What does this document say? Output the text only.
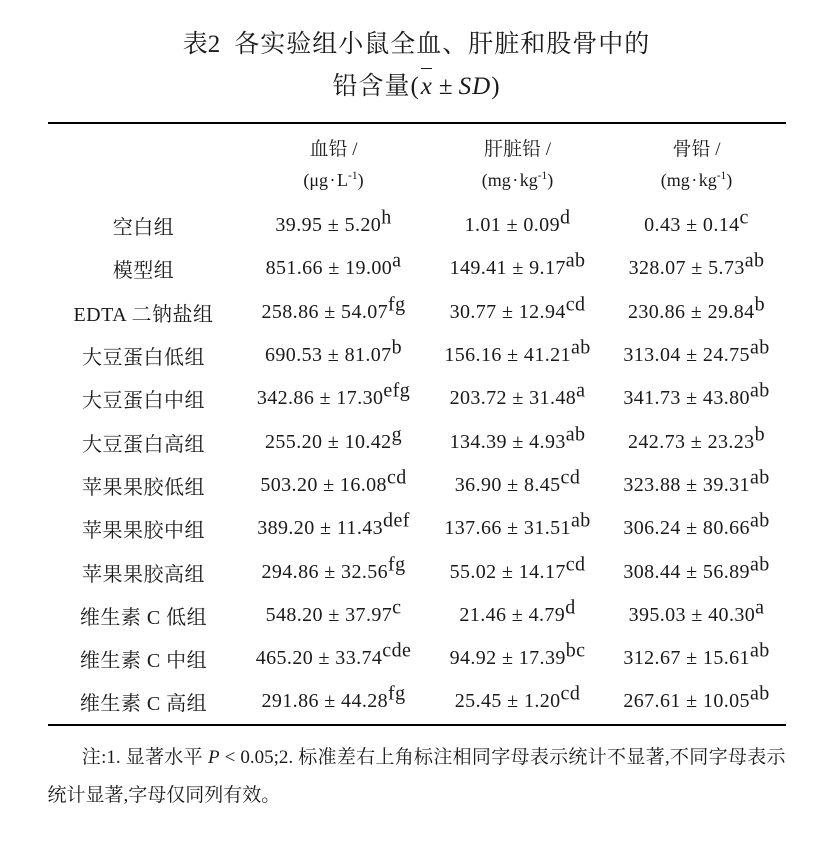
表2 各实验组小鼠全血、肝脏和股骨中的
铅含量(x ± SD)

血铅 /
$(\mu g\cdot L^{-1})$

肝脏铅 /
$(mg\cdot kg^{-1})$

骨铅 /
$(mg\cdot kg^{-1})$

空白组	39.95 ± 5.20h	1.01 ± 0.09d	0.43 ± 0.14c
模型组	851.66 ± 19.00a	149.41 ± 9.17ab	328.07 ± 5.73ab
EDTA 二钠盐组	258.86 ± 54.07fg	30.77 ± 12.94cd	230.86 ± 29.84b
大豆蛋白低组	690.53 ± 81.07b	156.16 ± 41.21ab	313.04 ± 24.75ab
大豆蛋白中组	342.86 ± 17.30efg	203.72 ± 31.48a	341.73 ± 43.80ab
大豆蛋白高组	255.20 ± 10.42g	134.39 ± 4.93ab	242.73 ± 23.23b
苹果果胶低组	503.20 ± 16.08cd	36.90 ± 8.45cd	323.88 ± 39.31ab
苹果果胶中组	389.20 ± 11.43def	137.66 ± 31.51ab	306.24 ± 80.66ab
苹果果胶高组	294.86 ± 32.56fg	55.02 ± 14.17cd	308.44 ± 56.89ab
维生素 C 低组	548.20 ± 37.97c	21.46 ± 4.79d	395.03 ± 40.30a
维生素 C 中组	465.20 ± 33.74cde	94.92 ± 17.39bc	312.67 ± 15.61ab
维生素 C 高组	291.86 ± 44.28fg	25.45 ± 1.20cd	267.61 ± 10.05ab
注:1. 显著水平 P < 0.05;2. 标准差右上角标注相同字母表示统计不显著,不同字母表示统计显著,字母仅同列有效。
